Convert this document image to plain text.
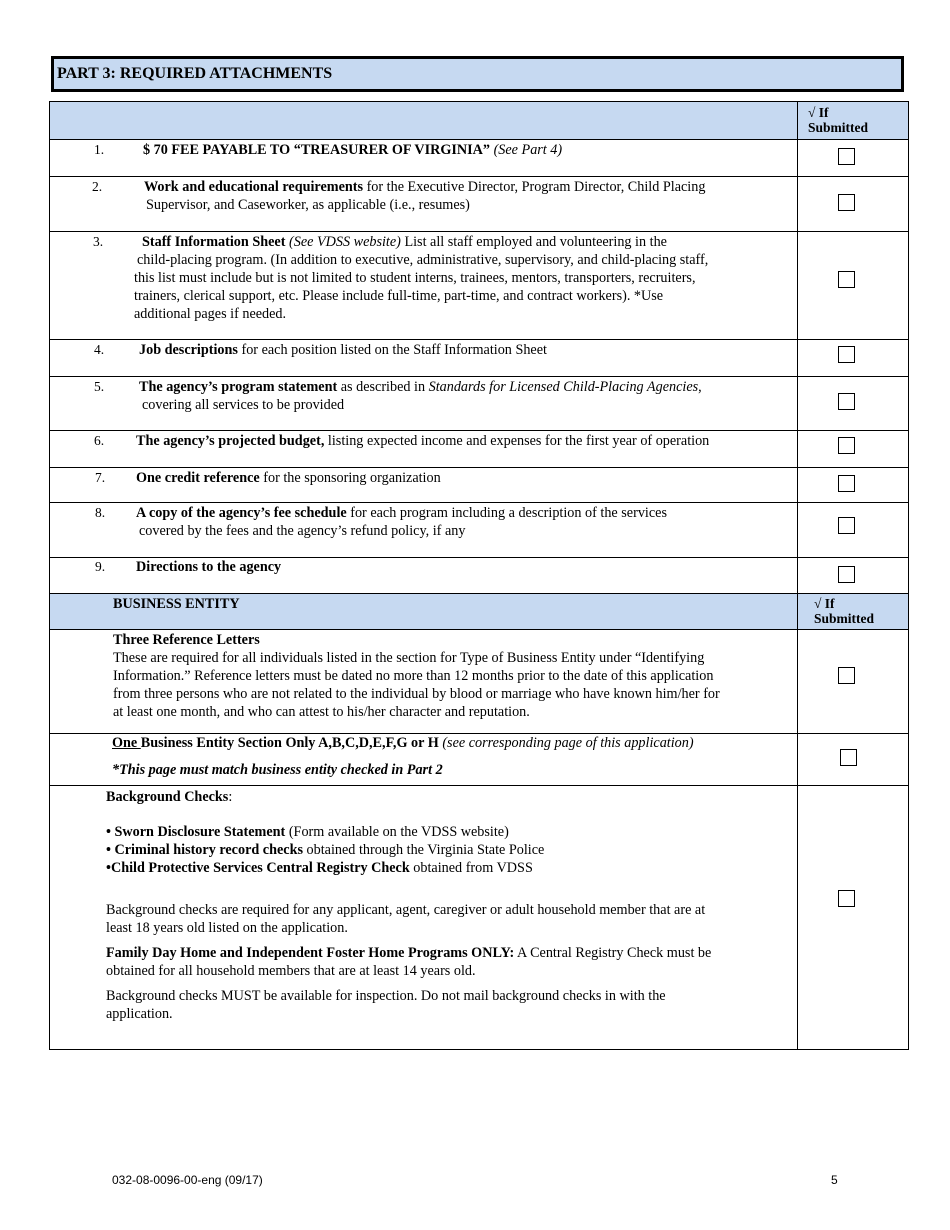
PART 3: REQUIRED ATTACHMENTS
√ If
Submitted
1.	$ 70 FEE PAYABLE TO “TREASURER OF VIRGINIA” (See Part 4)
2.	Work and educational requirements for the Executive Director, Program Director, Child Placing
Supervisor, and Caseworker, as applicable (i.e., resumes)
3.	Staff Information Sheet (See VDSS website) List all staff employed and volunteering in the
child-placing program. (In addition to executive, administrative, supervisory, and child-placing staff,
this list must include but is not limited to student interns, trainees, mentors, transporters, recruiters,
trainers, clerical support, etc. Please include full-time, part-time, and contract workers). *Use
additional pages if needed.
4. Job descriptions for each position listed on the Staff Information Sheet
5. The agency’s program statement as described in Standards for Licensed Child-Placing Agencies,
covering all services to be provided
6. The agency’s projected budget, listing expected income and expenses for the first year of operation
7. One credit reference for the sponsoring organization
8. A copy of the agency’s fee schedule for each program including a description of the services
covered by the fees and the agency’s refund policy, if any
9. Directions to the agency
BUSINESS ENTITY	√ If
Submitted
Three Reference Letters
These are required for all individuals listed in the section for Type of Business Entity under “Identifying
Information.” Reference letters must be dated no more than 12 months prior to the date of this application
from three persons who are not related to the individual by blood or marriage who have known him/her for
at least one month, and who can attest to his/her character and reputation.
One Business Entity Section Only A,B,C,D,E,F,G or H (see corresponding page of this application)
*This page must match business entity checked in Part 2
Background Checks:
• Sworn Disclosure Statement (Form available on the VDSS website)
• Criminal history record checks obtained through the Virginia State Police
•Child Protective Services Central Registry Check obtained from VDSS
Background checks are required for any applicant, agent, caregiver or adult household member that are at
least 18 years old listed on the application.
Family Day Home and Independent Foster Home Programs ONLY: A Central Registry Check must be
obtained for all household members that are at least 14 years old.
Background checks MUST be available for inspection. Do not mail background checks in with the
application.
032-08-0096-00-eng (09/17)	5
